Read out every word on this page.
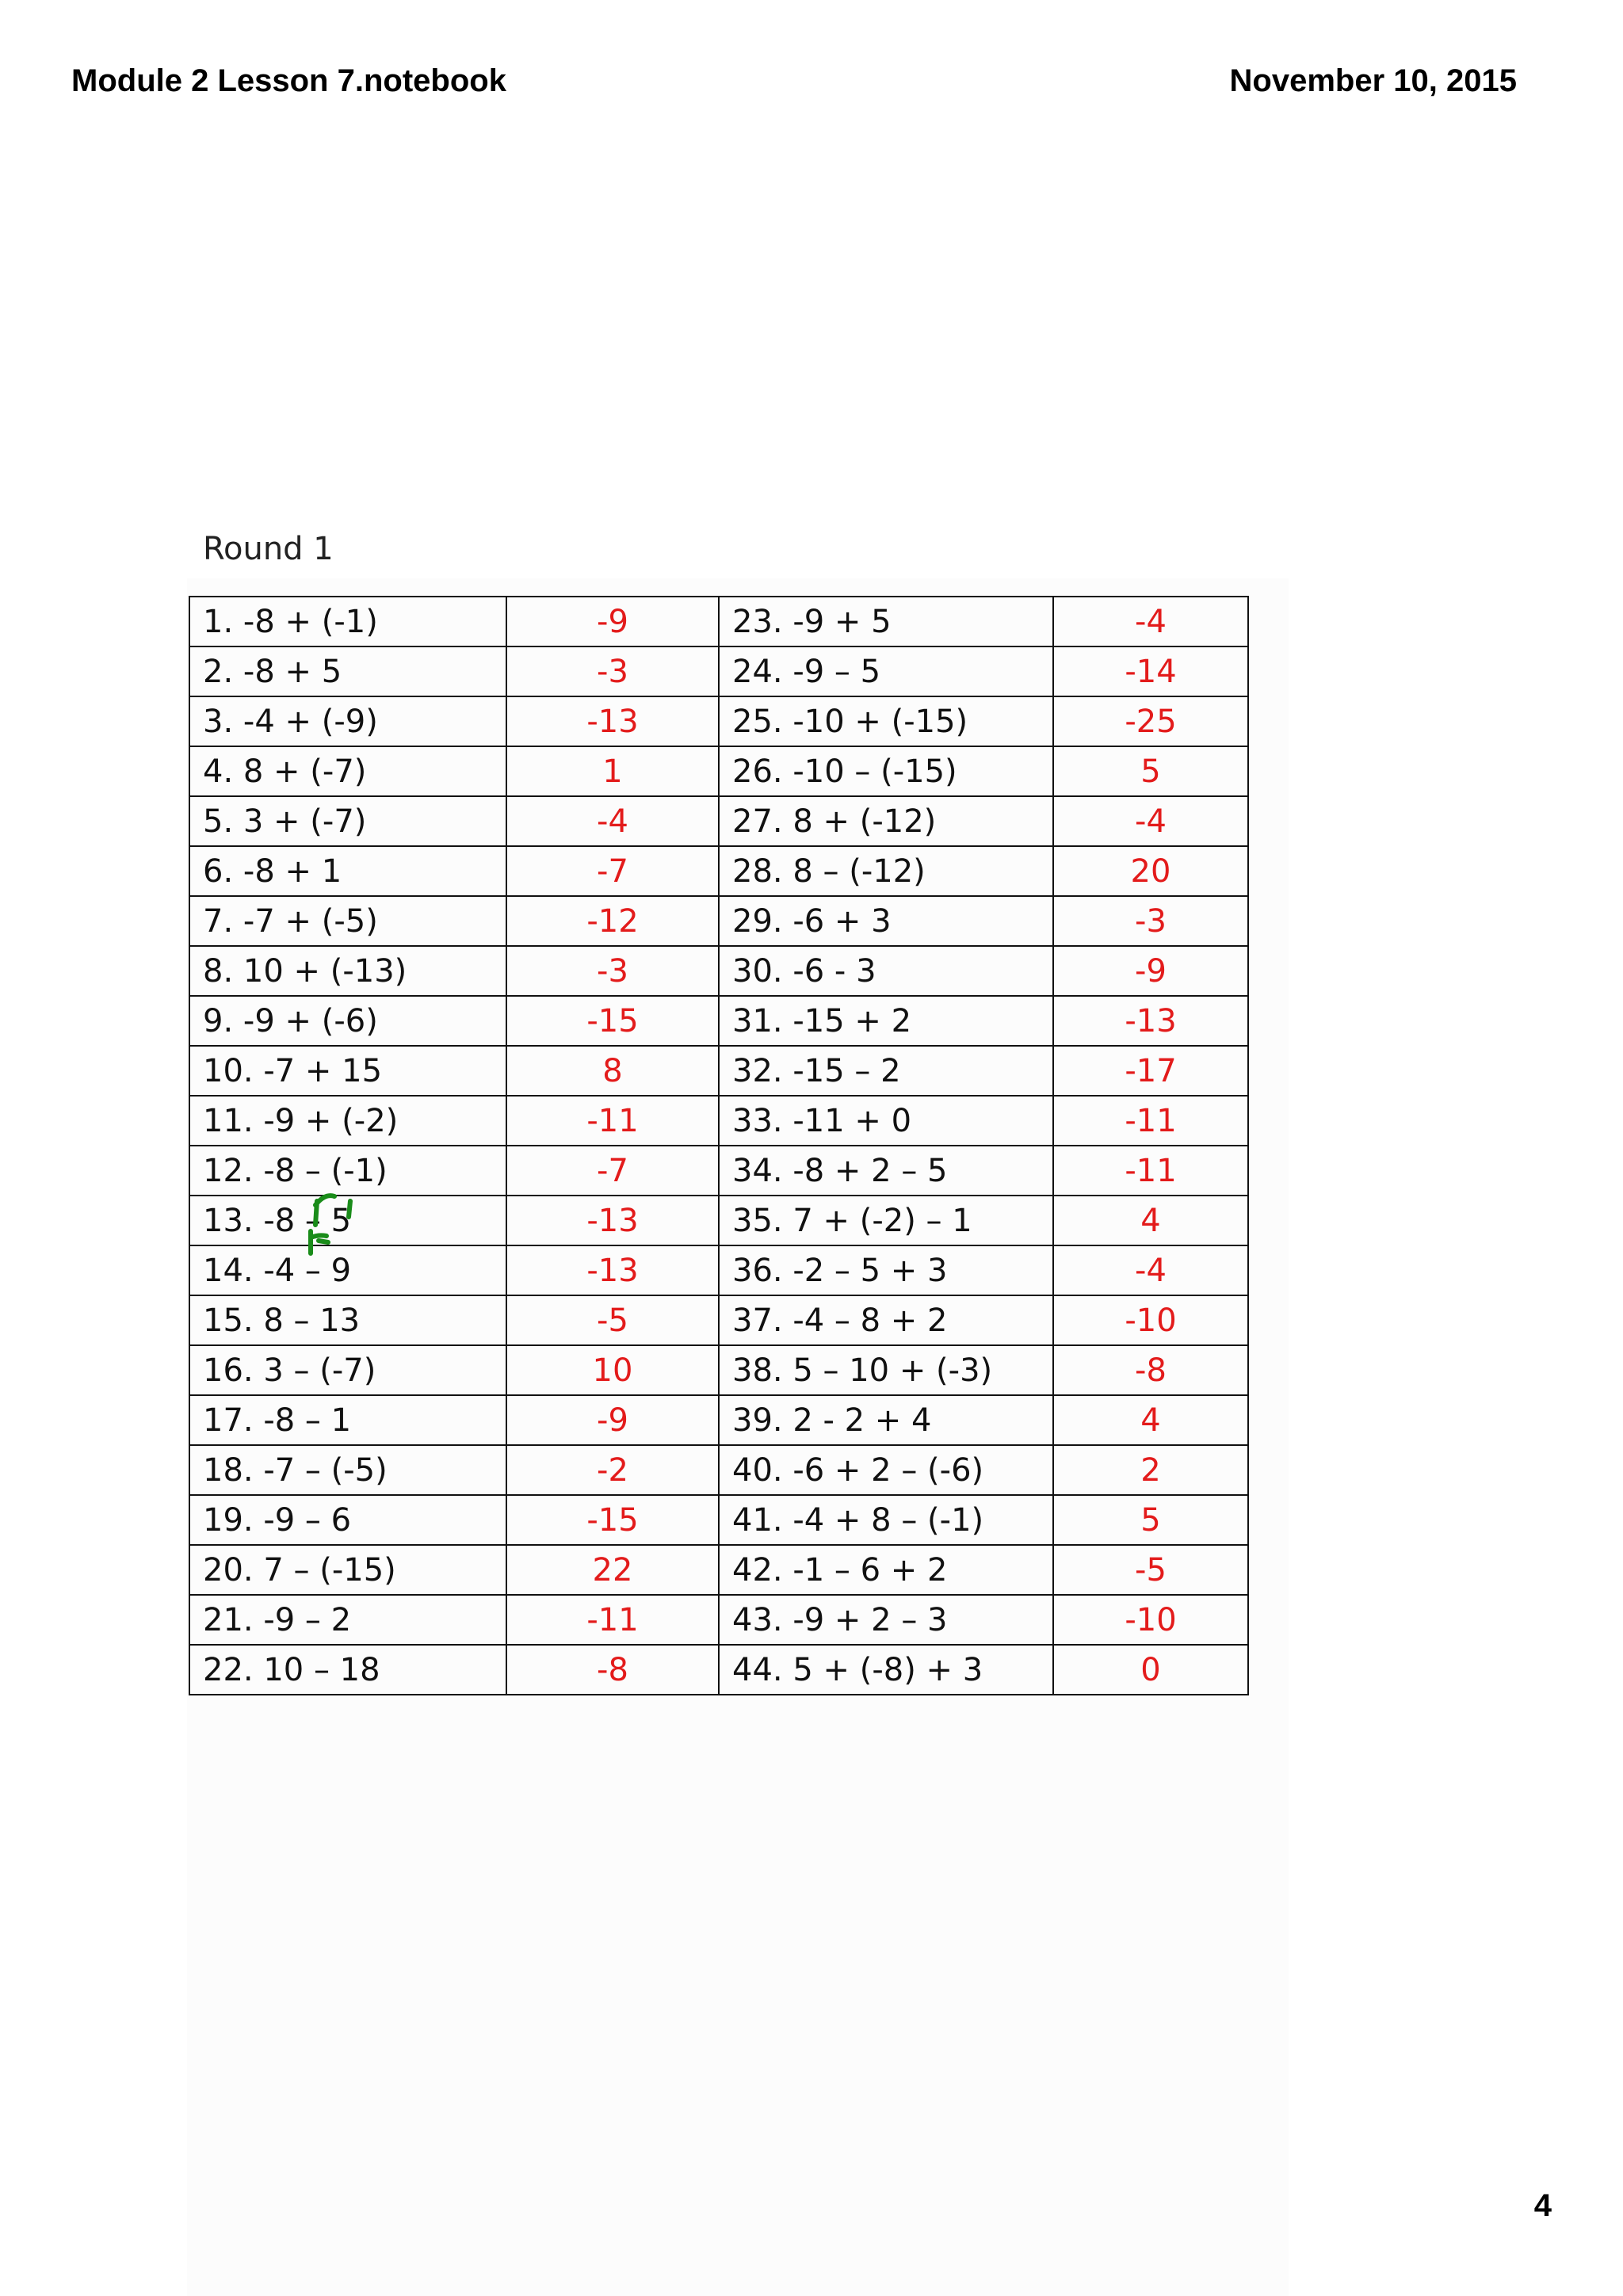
Module 2 Lesson 7.notebook	November 10, 2015
Round 1
1. -8 + (-1)	-9	23. -9 + 5	-4
2. -8 + 5	-3	24. -9 – 5	-14
3. -4 + (-9)	-13	25. -10 + (-15)	-25
4. 8 + (-7)	1	26. -10 – (-15)	5
5. 3 + (-7)	-4	27. 8 + (-12)	-4
6. -8 + 1	-7	28. 8 – (-12)	20
7. -7 + (-5)	-12	29. -6 + 3	-3
8. 10 + (-13)	-3	30. -6 - 3	-9
9. -9 + (-6)	-15	31. -15 + 2	-13
10. -7 + 15	8	32. -15 – 2	-17
11. -9 + (-2)	-11	33. -11 + 0	-11
12. -8 – (-1)	-7	34. -8 + 2 – 5	-11
13. -8 – 5	-13	35. 7 + (-2) – 1	4
14. -4 – 9	-13	36. -2 – 5 + 3	-4
15. 8 – 13	-5	37. -4 – 8 + 2	-10
16. 3 – (-7)	10	38. 5 – 10 + (-3)	-8
17. -8 – 1	-9	39. 2 - 2 + 4	4
18. -7 – (-5)	-2	40. -6 + 2 – (-6)	2
19. -9 – 6	-15	41. -4 + 8 – (-1)	5
20. 7 – (-15)	22	42. -1 – 6 + 2	-5
21. -9 – 2	-11	43. -9 + 2 – 3	-10
22. 10 – 18	-8	44. 5 + (-8) + 3	0
4
